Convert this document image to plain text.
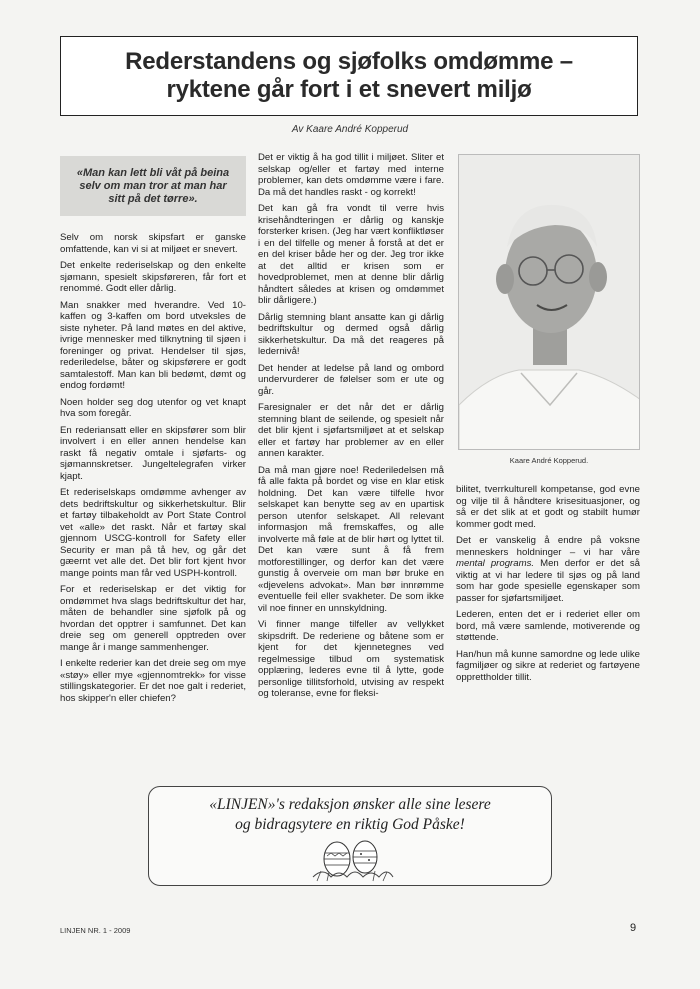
Rederstandens og sjøfolks omdømme –
ryktene går fort i et snevert miljø
Av Kaare André Kopperud
«Man kan lett bli våt på beina selv om man tror at man har sitt på det tørre».

Selv om norsk skipsfart er ganske omfattende, kan vi si at miljøet er snevert.

Det enkelte rederiselskap og den enkelte sjømann, spesielt skipsføreren, får fort et renommé. Godt eller dårlig.

Man snakker med hverandre. Ved 10-kaffen og 3-kaffen om bord utveksles de siste nyheter. På land møtes en del aktive, ivrige mennesker med tilknytning til sjøen i foreninger og privat. Hendelser til sjøs, rederiledelse, båter og skipsførere er godt samtalestoff. Man kan bli bedømt, dømt og endog fordømt!

Noen holder seg dog utenfor og vet knapt hva som foregår.

En rederiansatt eller en skipsfører som blir involvert i en eller annen hendelse kan raskt få negativ omtale i sjøfarts- og sjømannskretser. Jungeltelegrafen virker kjapt.

Et rederiselskaps omdømme avhenger av dets bedriftskultur og sikkerhetskultur. Blir et fartøy tilbakeholdt av Port State Control vet «alle» det raskt. Når et fartøy skal gjennom USCG-kontroll for Safety eller Security er man på tå hev, og går det gæernt vet alle det. Det blir fort kjent hvor mange points man får ved USPH-kontroll.

For et rederiselskap er det viktig for omdømmet hva slags bedriftskultur det har, måten de behandler sine sjøfolk på og hvordan det opptrer i samfunnet. Det kan dreie seg om generell opptreden over mange år i mange sammenhenger.

I enkelte rederier kan det dreie seg om mye «støy» eller mye «gjennomtrekk» for visse stillingskategorier. Er det noe galt i rederiet, hos skipper'n eller chiefen?

Det er viktig å ha god tillit i miljøet. Sliter et selskap og/eller et fartøy med interne problemer, kan dets omdømme være i fare. Da må det handles raskt - og korrekt!

Det kan gå fra vondt til verre hvis krisehåndteringen er dårlig og kanskje forsterker krisen. (Jeg har vært konfliktløser i en del tilfelle og mener å forstå at det er en del kriser både her og der. Jeg tror ikke at det alltid er krisen som er hovedproblemet, men at denne blir dårlig håndtert således at krisen og omdømmet blir dårligere.)

Dårlig stemning blant ansatte kan gi dårlig bedriftskultur og dermed også dårlig sikkerhetskultur. Da må det reageres på ledernivå!

Det hender at ledelse på land og ombord undervurderer de følelser som er ute og går.

Faresignaler er det når det er dårlig stemning blant de seilende, og spesielt når det blir kjent i sjøfartsmiljøet at et selskap eller et fartøy har problemer av en eller annen karakter.

Da må man gjøre noe! Rederiledelsen må få alle fakta på bordet og vise en klar etisk holdning. Det kan være tilfelle hvor selskapet kan benytte seg av en upartisk person utenfor selskapet. All relevant informasjon må fremskaffes, og alle involverte må føle at de blir hørt og lyttet til. Det kan være sunt å få frem motforestillinger, og derfor kan det være gunstig å overveie om man bør bruke en «djevelens advokat». Man bør innrømme eventuelle feil eller svakheter. De som ikke vil noe finner en unnskyldning.

Vi finner mange tilfeller av vellykket skipsdrift. De rederiene og båtene som er kjent for det kjennetegnes ved regelmessige tilbud om systematisk opplæring, lederes evne til å lytte, gode personlige tillitsforhold, utvising av respekt og toleranse, evne for fleksi-

Kaare André Kopperud.

bilitet, tverrkulturell kompetanse, god evne og vilje til å håndtere krisesituasjoner, og så er det slik at et godt og stabilt humør kommer godt med.

Det er vanskelig å endre på voksne menneskers holdninger – vi har våre mental programs. Men derfor er det så viktig at vi har ledere til sjøs og på land som har gode spesielle egenskaper som passer for sjøfartsmiljøet.

Lederen, enten det er i rederiet eller om bord, må være samlende, motiverende og støttende.

Han/hun må kunne samordne og lede ulike fagmiljøer og sikre at rederiet og fartøyene opprettholder tillit.

«LINJEN»'s redaksjon ønsker alle sine lesere
og bidragsytere en riktig God Påske!
LINJEN NR. 1 - 2009	9
